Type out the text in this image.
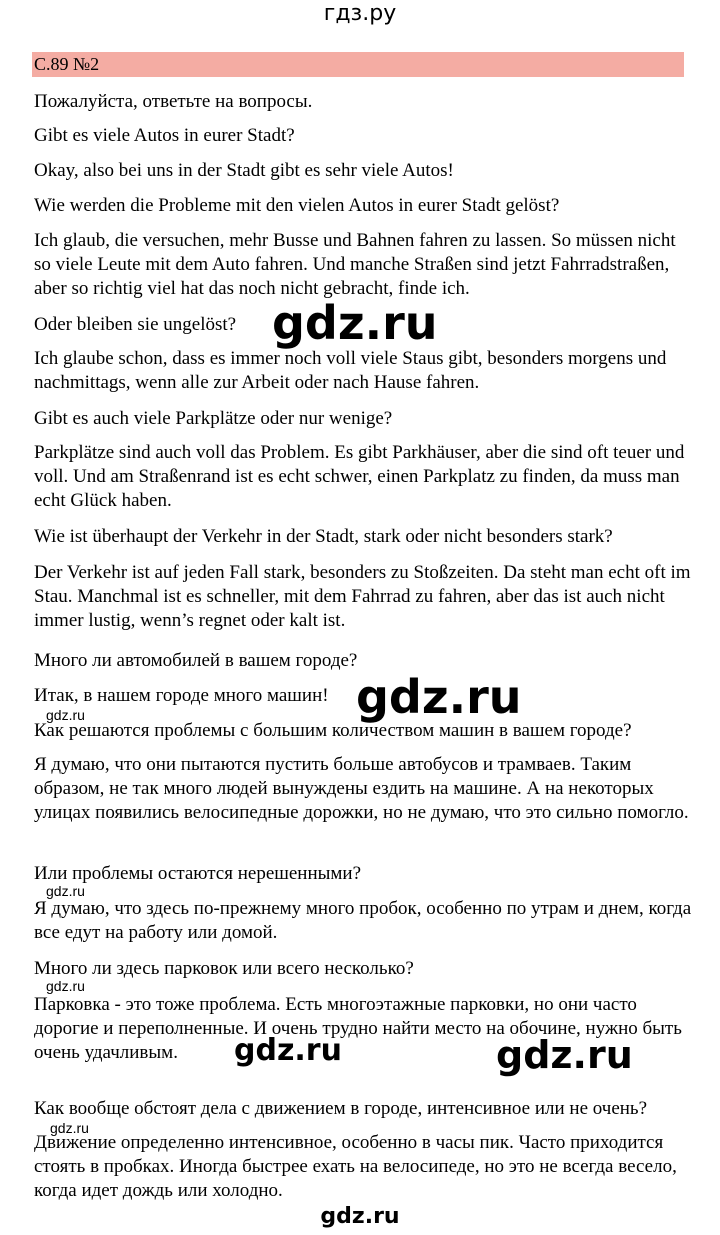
гдз.ру
С.89 №2

Пожалуйста, ответьте на вопросы.

Gibt es viele Autos in eurer Stadt?

Okay, also bei uns in der Stadt gibt es sehr viele Autos!

Wie werden die Probleme mit den vielen Autos in eurer Stadt gelöst?

Ich glaub, die versuchen, mehr Busse und Bahnen fahren zu lassen. So müssen nicht so viele Leute mit dem Auto fahren. Und manche Straßen sind jetzt Fahrradstraßen, aber so richtig viel hat das noch nicht gebracht, finde ich.

Oder bleiben sie ungelöst?

Ich glaube schon, dass es immer noch voll viele Staus gibt, besonders morgens und nachmittags, wenn alle zur Arbeit oder nach Hause fahren.

Gibt es auch viele Parkplätze oder nur wenige?

Parkplätze sind auch voll das Problem. Es gibt Parkhäuser, aber die sind oft teuer und voll. Und am Straßenrand ist es echt schwer, einen Parkplatz zu finden, da muss man echt Glück haben.

Wie ist überhaupt der Verkehr in der Stadt, stark oder nicht besonders stark?

Der Verkehr ist auf jeden Fall stark, besonders zu Stoßzeiten. Da steht man echt oft im Stau. Manchmal ist es schneller, mit dem Fahrrad zu fahren, aber das ist auch nicht immer lustig, wenn’s regnet oder kalt ist.

Много ли автомобилей в вашем городе?

Итак, в нашем городе много машин!

Как решаются проблемы с большим количеством машин в вашем городе?

Я думаю, что они пытаются пустить больше автобусов и трамваев. Таким образом, не так много людей вынуждены ездить на машине. А на некоторых улицах появились велосипедные дорожки, но не думаю, что это сильно помогло.

Или проблемы остаются нерешенными?

Я думаю, что здесь по-прежнему много пробок, особенно по утрам и днем, когда все едут на работу или домой.

Много ли здесь парковок или всего несколько?

Парковка - это тоже проблема. Есть многоэтажные парковки, но они часто дорогие и переполненные. И очень трудно найти место на обочине, нужно быть очень удачливым.

Как вообще обстоят дела с движением в городе, интенсивное или не очень?

Движение определенно интенсивное, особенно в часы пик. Часто приходится стоять в пробках. Иногда быстрее ехать на велосипеде, но это не всегда весело, когда идет дождь или холодно.

gdz.ru
gdz.ru
gdz.ru	gdz.ru
gdz.ru
gdz.ru
gdz.ru
gdz.ru
gdz.ru
